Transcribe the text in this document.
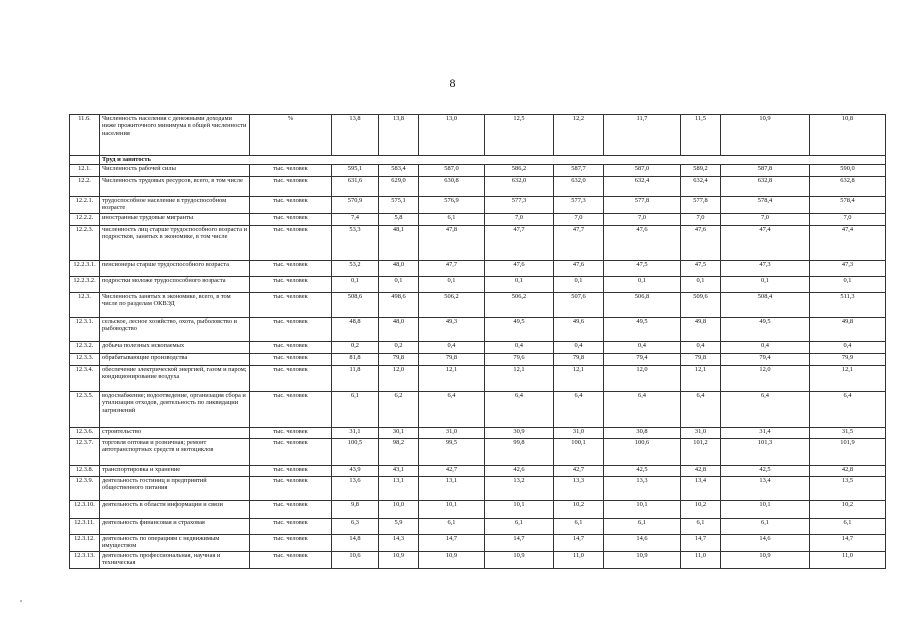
8
11.6.	Численность населения с денежными доходами ниже прожиточного минимума в общей численности населения	%	13,8	13,8	13,0	12,5	12,2	11,7	11,5	10,9	10,8
	Труд и занятость										
12.1.	Численность рабочей силы	тыс. человек	595,1	583,4	587,0	586,2	587,7	587,0	589,2	587,8	590,0
12.2.	Численность трудовых ресурсов, всего, в том числе	тыс. человек	631,6	629,0	630,8	632,0	632,0	632,4	632,4	632,8	632,8
12.2.1.	трудоспособное население в трудоспособном возрасте	тыс. человек	570,9	575,1	576,9	577,3	577,3	577,8	577,8	578,4	578,4
12.2.2.	иностранные трудовые мигранты	тыс. человек	7,4	5,8	6,1	7,0	7,0	7,0	7,0	7,0	7,0
12.2.3.	численность лиц старше трудоспособного возраста и подростков, занятых в экономике, в том числе	тыс. человек	53,3	48,1	47,8	47,7	47,7	47,6	47,6	47,4	47,4
12.2.3.1.	пенсионеры старше трудоспособного возраста	тыс. человек	53,2	48,0	47,7	47,6	47,6	47,5	47,5	47,3	47,3
12.2.3.2.	подростки моложе трудоспособного возраста	тыс. человек	0,1	0,1	0,1	0,1	0,1	0,1	0,1	0,1	0,1
12.3.	Численность занятых в экономике, всего, в том числе по разделам ОКВЭД	тыс. человек	508,6	498,6	506,2	506,2	507,6	506,8	509,6	508,4	511,3
12.3.1.	сельское, лесное хозяйство, охота, рыболовство и рыбоводство	тыс. человек	48,8	48,0	49,3	49,5	49,6	49,5	49,8	49,5	49,8
12.3.2.	добыча полезных ископаемых	тыс. человек	0,2	0,2	0,4	0,4	0,4	0,4	0,4	0,4	0,4
12.3.3.	обрабатывающие производства	тыс. человек	81,8	79,8	79,8	79,6	79,8	79,4	79,8	79,4	79,9
12.3.4.	обеспечение электрической энергией, газом и паром; кондиционирование воздуха	тыс. человек	11,8	12,0	12,1	12,1	12,1	12,0	12,1	12,0	12,1
12.3.5.	водоснабжение; водоотведение, организация сбора и утилизации отходов, деятельность по ликвидации загрязнений	тыс. человек	6,1	6,2	6,4	6,4	6,4	6,4	6,4	6,4	6,4
12.3.6.	строительство	тыс. человек	31,1	30,1	31,0	30,9	31,0	30,8	31,0	31,4	31,5
12.3.7.	торговля оптовая и розничная; ремонт автотранспортных средств и мотоциклов	тыс. человек	100,5	98,2	99,5	99,8	100,1	100,6	101,2	101,3	101,9
12.3.8.	транспортировка и хранение	тыс. человек	43,9	43,1	42,7	42,6	42,7	42,5	42,8	42,5	42,8
12.3.9.	деятельность гостиниц и предприятий общественного питания	тыс. человек	13,6	13,1	13,1	13,2	13,3	13,3	13,4	13,4	13,5
12.3.10.	деятельность в области информации и связи	тыс. человек	9,8	10,0	10,1	10,1	10,2	10,1	10,2	10,1	10,2
12.3.11.	деятельность финансовая и страховая	тыс. человек	6,3	5,9	6,1	6,1	6,1	6,1	6,1	6,1	6,1
12.3.12.	деятельность по операциям с недвижимым имуществом	тыс. человек	14,8	14,3	14,7	14,7	14,7	14,6	14,7	14,6	14,7
12.3.13.	деятельность профессиональная, научная и техническая	тыс. человек	10,6	10,9	10,9	10,9	11,0	10,9	11,0	10,9	11,0
